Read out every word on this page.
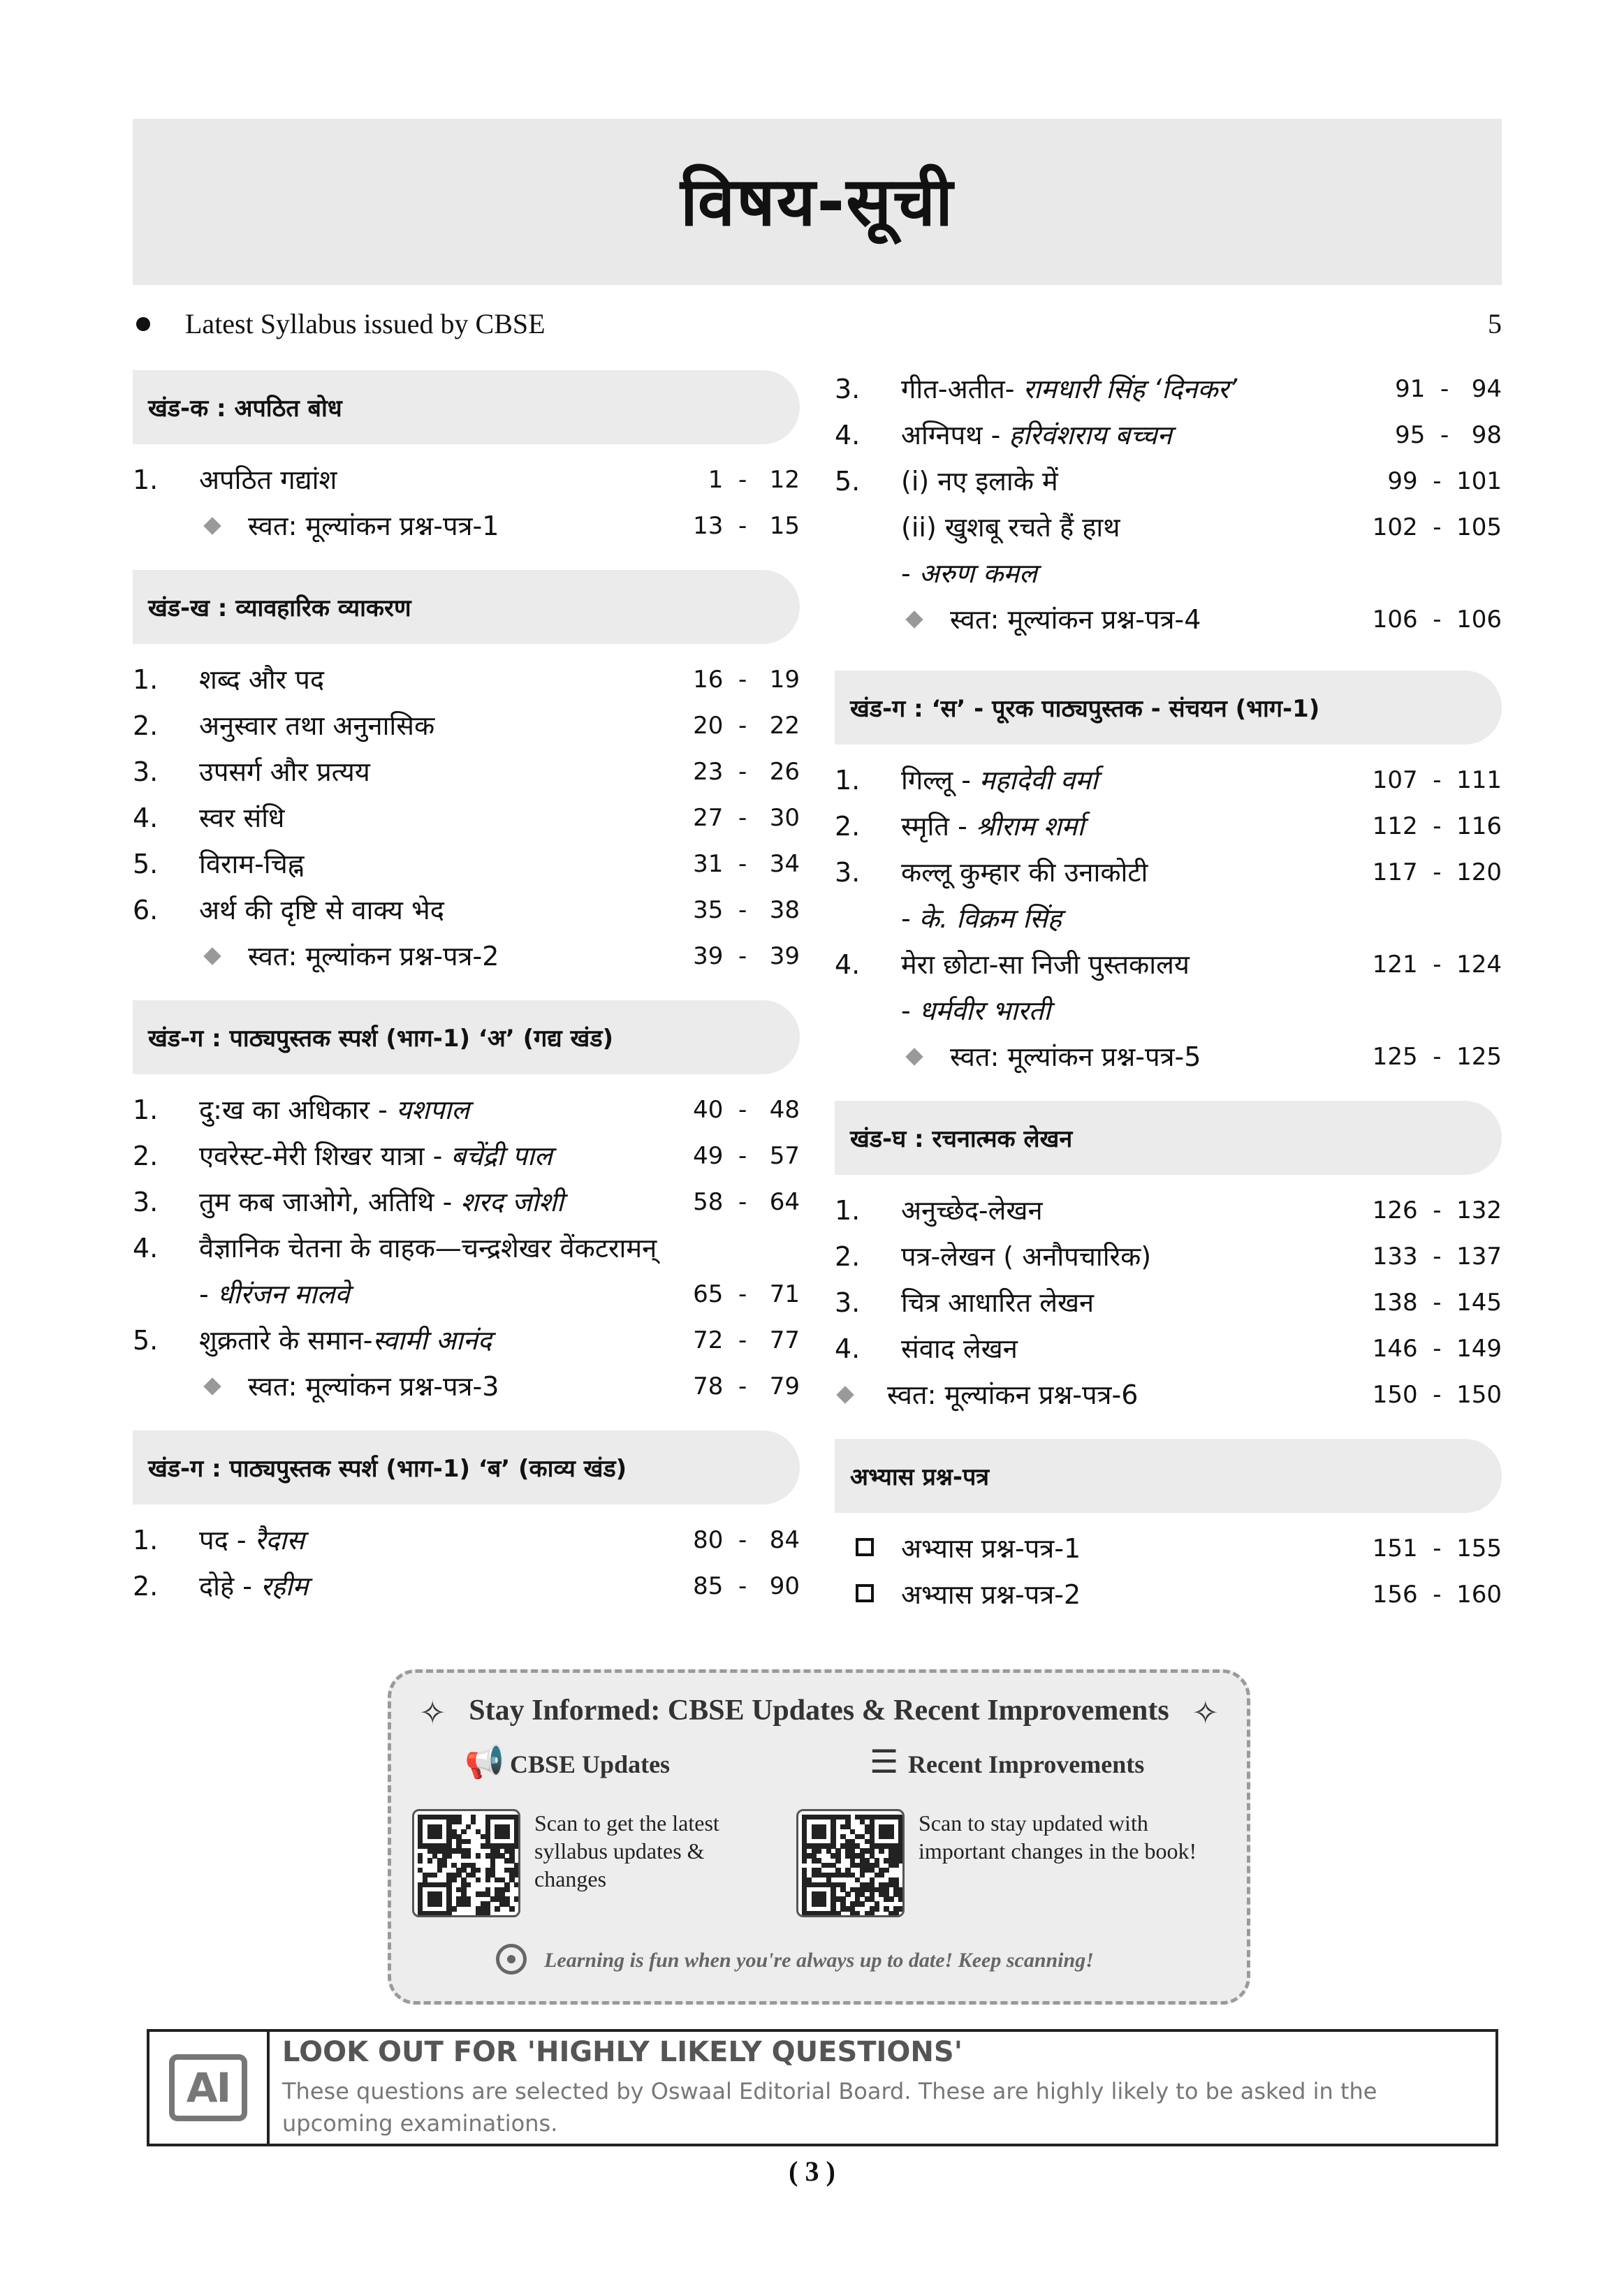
विषय-सूची
Latest Syllabus issued by CBSE	5
खंड-क : अपठित बोध
1.	अपठित गद्यांश	1  -   12
स्वत: मूल्यांकन प्रश्न-पत्र-1	13  -   15
खंड-ख : व्यावहारिक व्याकरण
1.	शब्द और पद	16  -   19
2.	अनुस्वार तथा अनुनासिक	20  -   22
3.	उपसर्ग और प्रत्यय	23  -   26
4.	स्वर संधि	27  -   30
5.	विराम-चिह्न	31  -   34
6.	अर्थ की दृष्टि से वाक्य भेद	35  -   38
स्वत: मूल्यांकन प्रश्न-पत्र-2	39  -   39
खंड-ग : पाठ्यपुस्तक स्पर्श (भाग-1) ‘अ’ (गद्य खंड)
1.	दु:ख का अधिकार - यशपाल	40  -   48
2.	एवरेस्ट-मेरी शिखर यात्रा - बचेंद्री पाल	49  -   57
3.	तुम कब जाओगे, अतिथि - शरद जोशी	58  -   64
4.	वैज्ञानिक चेतना के वाहक—चन्द्रशेखर वेंकटरामन्
- धीरंजन मालवे	65  -   71
5.	शुक्रतारे के समान-स्वामी आनंद	72  -   77
स्वत: मूल्यांकन प्रश्न-पत्र-3	78  -   79
खंड-ग : पाठ्यपुस्तक स्पर्श (भाग-1) ‘ब’ (काव्य खंड)
1.	पद - रैदास	80  -   84
2.	दोहे - रहीम	85  -   90
3.	गीत-अतीत- रामधारी सिंह ‘दिनकर’	91  -   94
4.	अग्निपथ - हरिवंशराय बच्चन	95  -   98
5.	(i) नए इलाके में	99  -  101
(ii) खुशबू रचते हैं हाथ	102  -  105
- अरुण कमल
स्वत: मूल्यांकन प्रश्न-पत्र-4	106  -  106
खंड-ग : ‘स’ - पूरक पाठ्यपुस्तक - संचयन (भाग-1)
1.	गिल्लू - महादेवी वर्मा	107  -  111
2.	स्मृति - श्रीराम शर्मा	112  -  116
3.	कल्लू कुम्हार की उनाकोटी	117  -  120
- के. विक्रम सिंह
4.	मेरा छोटा-सा निजी पुस्तकालय	121  -  124
- धर्मवीर भारती
स्वत: मूल्यांकन प्रश्न-पत्र-5	125  -  125
खंड-घ : रचनात्मक लेखन
1.	अनुच्छेद-लेखन	126  -  132
2.	पत्र-लेखन ( अनौपचारिक)	133  -  137
3.	चित्र आधारित लेखन	138  -  145
4.	संवाद लेखन	146  -  149
स्वत: मूल्यांकन प्रश्न-पत्र-6	150  -  150
अभ्यास प्रश्न-पत्र
अभ्यास प्रश्न-पत्र-1	151  -  155
अभ्यास प्रश्न-पत्र-2	156  -  160
✧ Stay Informed: CBSE Updates & Recent Improvements ✧
📢 CBSE Updates	☰ Recent Improvements
Scan to get the latest syllabus updates & changes
Scan to stay updated with important changes in the book!
Learning is fun when you're always up to date! Keep scanning!
AI
LOOK OUT FOR 'HIGHLY LIKELY QUESTIONS'
These questions are selected by Oswaal Editorial Board. These are highly likely to be asked in the upcoming examinations.
( 3 )
